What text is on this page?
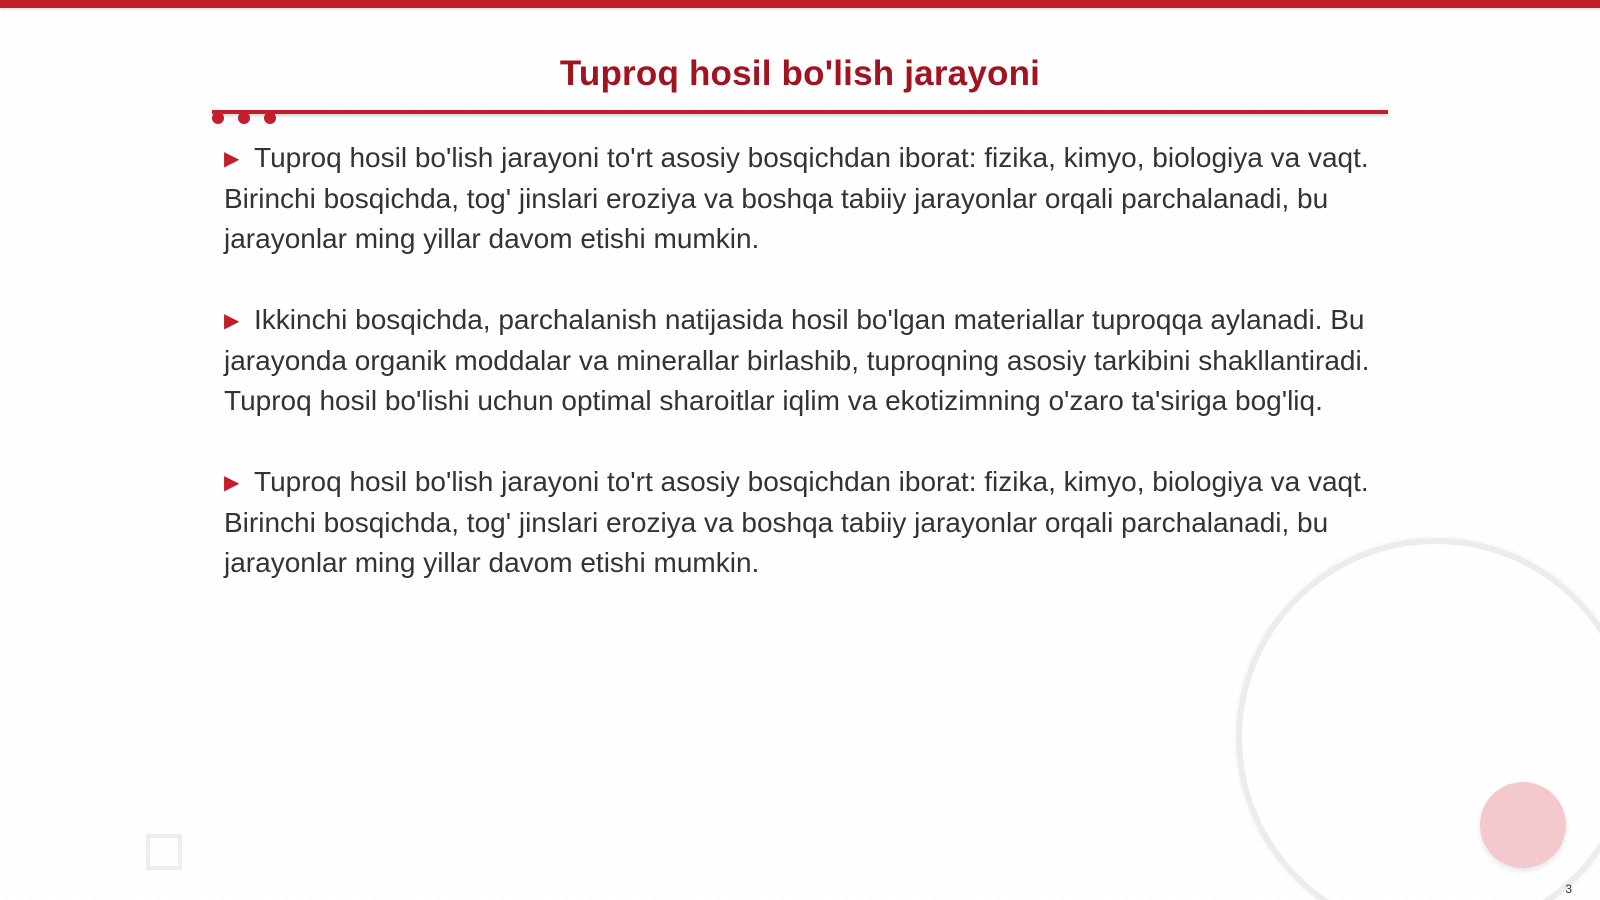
Tuproq hosil bo'lish jarayoni
▶ Tuproq hosil bo'lish jarayoni to'rt asosiy bosqichdan iborat: fizika, kimyo, biologiya va vaqt. Birinchi bosqichda, tog' jinslari eroziya va boshqa tabiiy jarayonlar orqali parchalanadi, bu jarayonlar ming yillar davom etishi mumkin.
▶ Ikkinchi bosqichda, parchalanish natijasida hosil bo'lgan materiallar tuproqqa aylanadi. Bu jarayonda organik moddalar va minerallar birlashib, tuproqning asosiy tarkibini shakllantiradi. Tuproq hosil bo'lishi uchun optimal sharoitlar iqlim va ekotizimning o'zaro ta'siriga bog'liq.
▶ Tuproq hosil bo'lish jarayoni to'rt asosiy bosqichdan iborat: fizika, kimyo, biologiya va vaqt. Birinchi bosqichda, tog' jinslari eroziya va boshqa tabiiy jarayonlar orqali parchalanadi, bu jarayonlar ming yillar davom etishi mumkin.
3
